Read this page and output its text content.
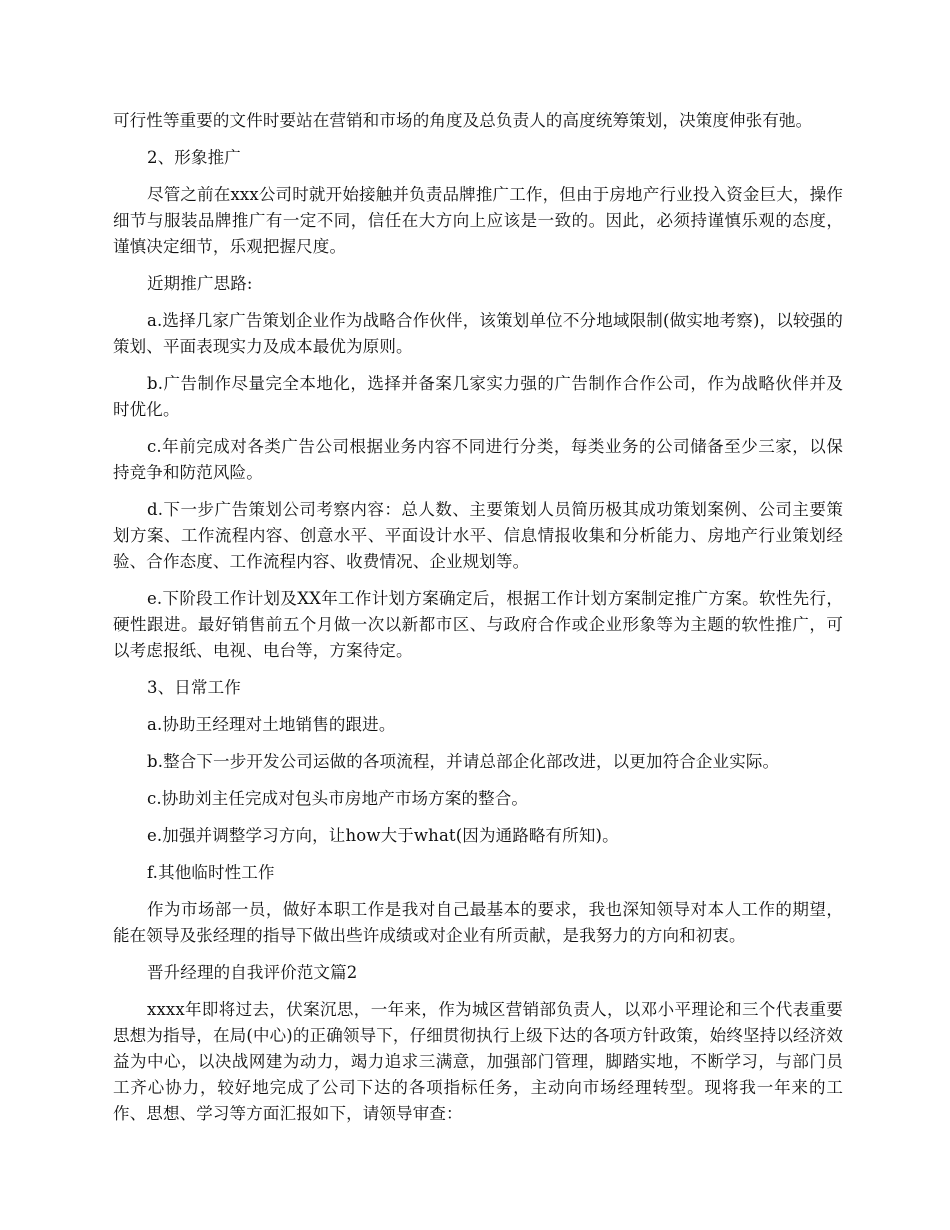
可行性等重要的文件时要站在营销和市场的角度及总负责人的高度统筹策划，决策度伸张有弛。

2、形象推广

尽管之前在xxx公司时就开始接触并负责品牌推广工作，但由于房地产行业投入资金巨大，操作细节与服装品牌推广有一定不同，信任在大方向上应该是一致的。因此，必须持谨慎乐观的态度，谨慎决定细节，乐观把握尺度。

近期推广思路:

a.选择几家广告策划企业作为战略合作伙伴，该策划单位不分地域限制(做实地考察)，以较强的策划、平面表现实力及成本最优为原则。

b.广告制作尽量完全本地化，选择并备案几家实力强的广告制作合作公司，作为战略伙伴并及时优化。

c.年前完成对各类广告公司根据业务内容不同进行分类，每类业务的公司储备至少三家，以保持竞争和防范风险。

d.下一步广告策划公司考察内容：总人数、主要策划人员简历极其成功策划案例、公司主要策划方案、工作流程内容、创意水平、平面设计水平、信息情报收集和分析能力、房地产行业策划经验、合作态度、工作流程内容、收费情况、企业规划等。

e.下阶段工作计划及XX年工作计划方案确定后，根据工作计划方案制定推广方案。软性先行，硬性跟进。最好销售前五个月做一次以新都市区、与政府合作或企业形象等为主题的软性推广，可以考虑报纸、电视、电台等，方案待定。

3、日常工作

a.协助王经理对土地销售的跟进。

b.整合下一步开发公司运做的各项流程，并请总部企化部改进，以更加符合企业实际。

c.协助刘主任完成对包头市房地产市场方案的整合。

e.加强并调整学习方向，让how大于what(因为通路略有所知)。

f.其他临时性工作

作为市场部一员，做好本职工作是我对自己最基本的要求，我也深知领导对本人工作的期望，能在领导及张经理的指导下做出些许成绩或对企业有所贡献，是我努力的方向和初衷。

晋升经理的自我评价范文篇2

xxxx年即将过去，伏案沉思，一年来，作为城区营销部负责人，以邓小平理论和三个代表重要思想为指导，在局(中心)的正确领导下，仔细贯彻执行上级下达的各项方针政策，始终坚持以经济效益为中心，以决战网建为动力，竭力追求三满意，加强部门管理，脚踏实地，不断学习，与部门员工齐心协力，较好地完成了公司下达的各项指标任务，主动向市场经理转型。现将我一年来的工作、思想、学习等方面汇报如下，请领导审查：
